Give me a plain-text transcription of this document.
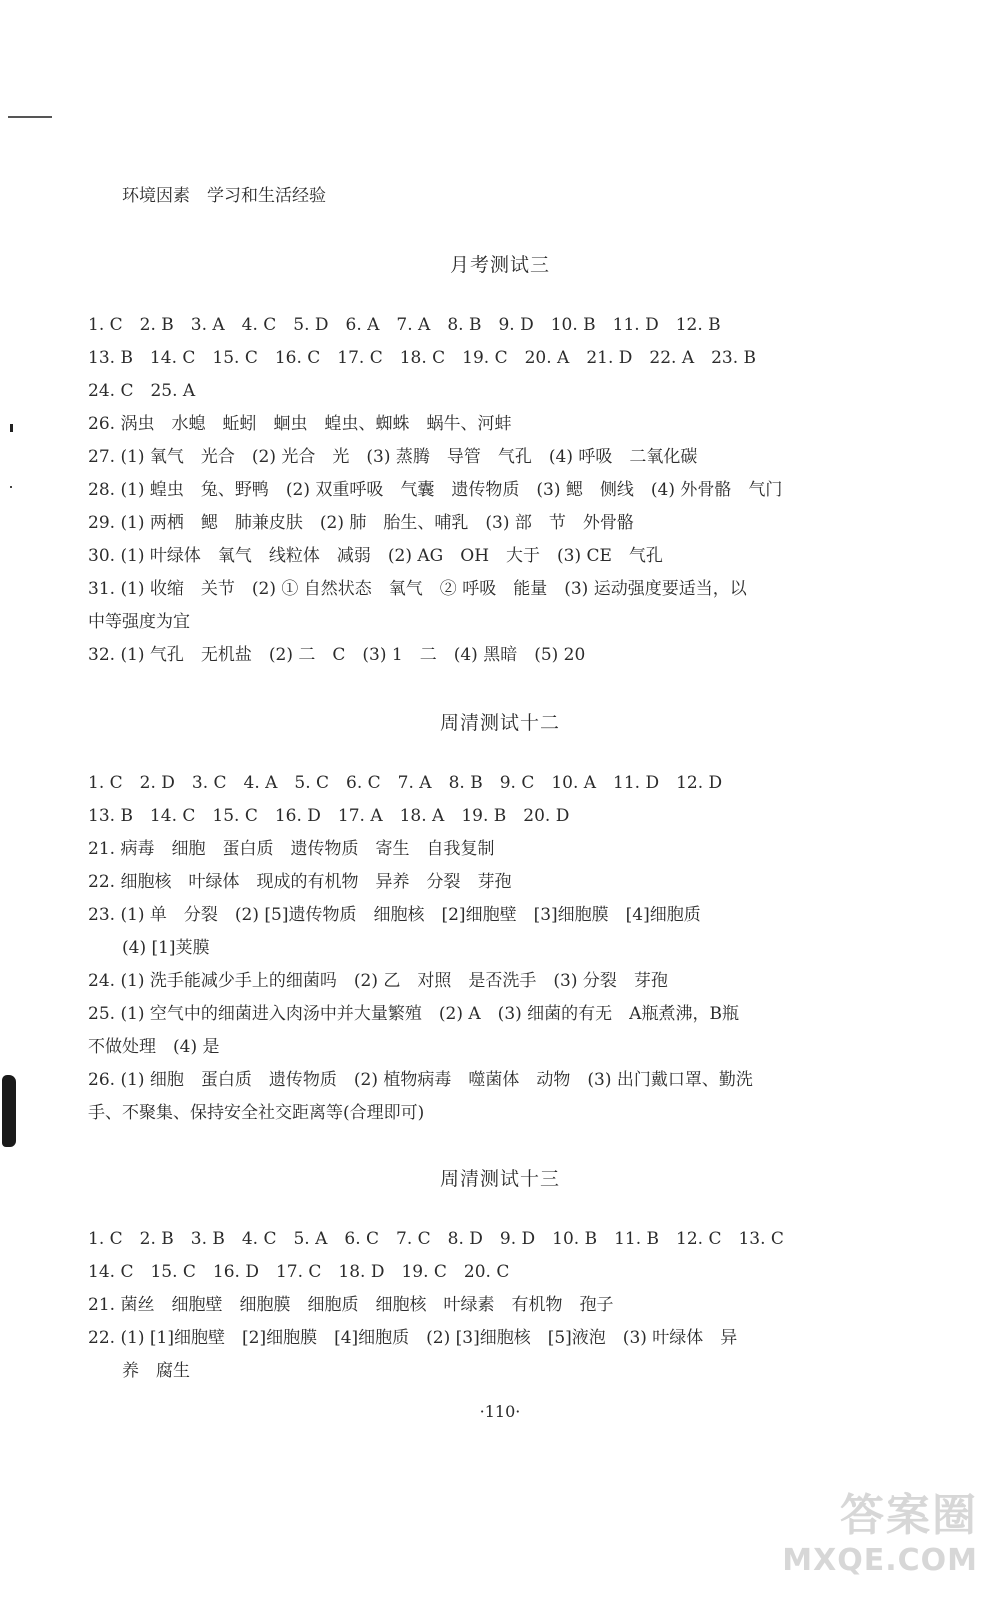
环境因素　学习和生活经验
月考测试三
1. C　2. B　3. A　4. C　5. D　6. A　7. A　8. B　9. D　10. B　11. D　12. B
13. B　14. C　15. C　16. C　17. C　18. C　19. C　20. A　21. D　22. A　23. B
24. C　25. A
26. 涡虫　水螅　蚯蚓　蛔虫　蝗虫、蜘蛛　蜗牛、河蚌
27. (1) 氧气　光合　(2) 光合　光　(3) 蒸腾　导管　气孔　(4) 呼吸　二氧化碳
28. (1) 蝗虫　兔、野鸭　(2) 双重呼吸　气囊　遗传物质　(3) 鳃　侧线　(4) 外骨骼　气门
29. (1) 两栖　鳃　肺兼皮肤　(2) 肺　胎生、哺乳　(3) 部　节　外骨骼
30. (1) 叶绿体　氧气　线粒体　减弱　(2) AG　OH　大于　(3) CE　气孔
31. (1) 收缩　关节　(2) ① 自然状态　氧气　② 呼吸　能量　(3) 运动强度要适当，以
中等强度为宜
32. (1) 气孔　无机盐　(2) 二　C　(3) 1　二　(4) 黑暗　(5) 20
周清测试十二
1. C　2. D　3. C　4. A　5. C　6. C　7. A　8. B　9. C　10. A　11. D　12. D
13. B　14. C　15. C　16. D　17. A　18. A　19. B　20. D
21. 病毒　细胞　蛋白质　遗传物质　寄生　自我复制
22. 细胞核　叶绿体　现成的有机物　异养　分裂　芽孢
23. (1) 单　分裂　(2) [5]遗传物质　细胞核　[2]细胞壁　[3]细胞膜　[4]细胞质
(4) [1]荚膜
24. (1) 洗手能减少手上的细菌吗　(2) 乙　对照　是否洗手　(3) 分裂　芽孢
25. (1) 空气中的细菌进入肉汤中并大量繁殖　(2) A　(3) 细菌的有无　A瓶煮沸，B瓶
不做处理　(4) 是
26. (1) 细胞　蛋白质　遗传物质　(2) 植物病毒　噬菌体　动物　(3) 出门戴口罩、勤洗
手、不聚集、保持安全社交距离等(合理即可)
周清测试十三
1. C　2. B　3. B　4. C　5. A　6. C　7. C　8. D　9. D　10. B　11. B　12. C　13. C
14. C　15. C　16. D　17. C　18. D　19. C　20. C
21. 菌丝　细胞壁　细胞膜　细胞质　细胞核　叶绿素　有机物　孢子
22. (1) [1]细胞壁　[2]细胞膜　[4]细胞质　(2) [3]细胞核　[5]液泡　(3) 叶绿体　异
养　腐生
·110·
答案圈
MXQE.COM
